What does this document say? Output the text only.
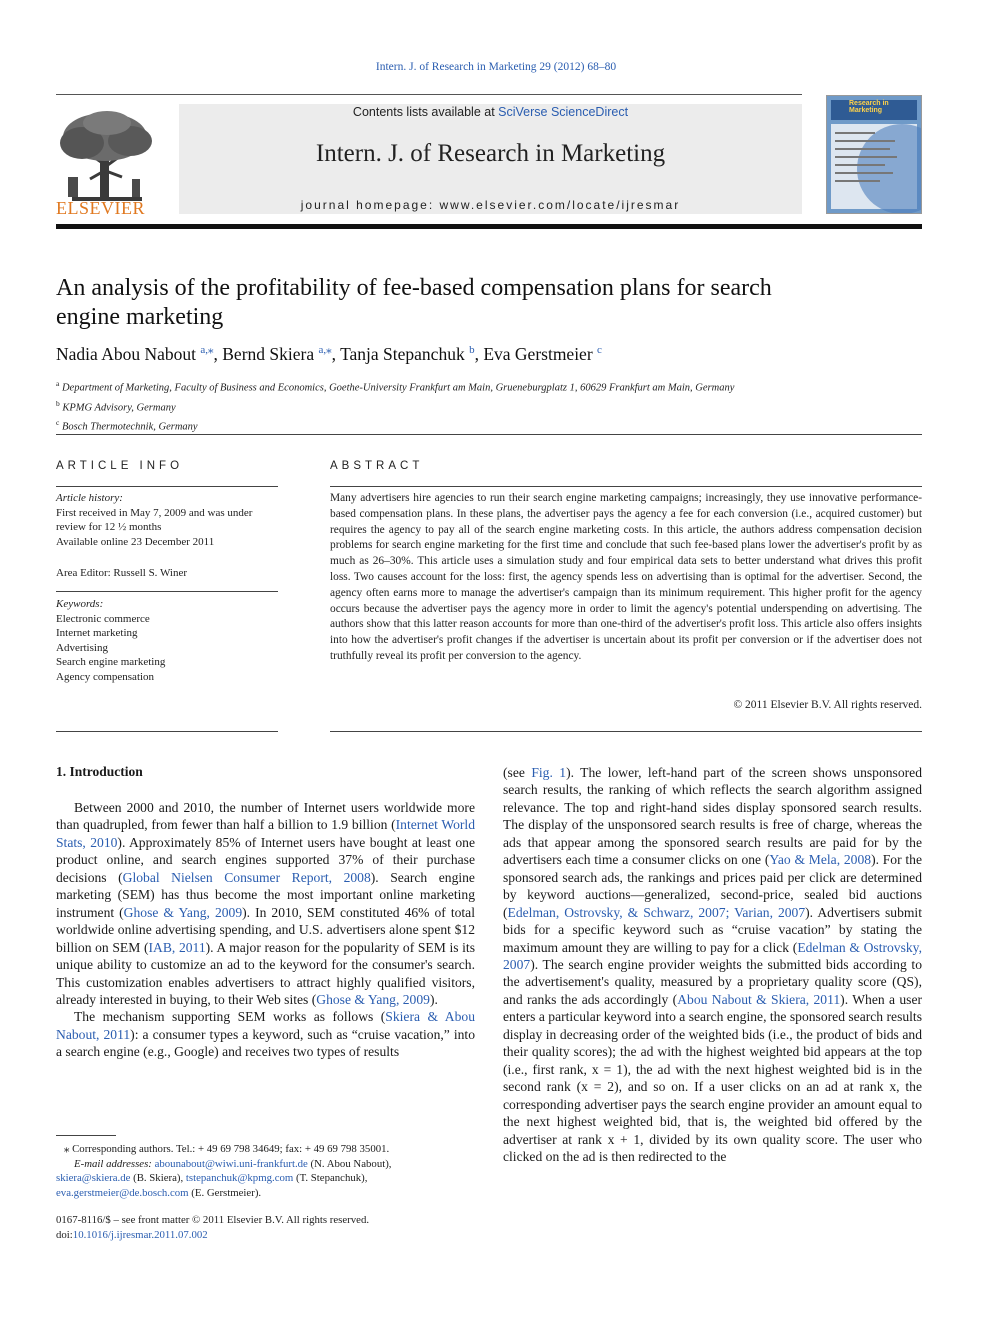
Intern. J. of Research in Marketing 29 (2012) 68–80
ELSEVIER
Contents lists available at SciVerse ScienceDirect
Intern. J. of Research in Marketing
journal homepage: www.elsevier.com/locate/ijresmar
Research in Marketing
An analysis of the profitability of fee-based compensation plans for search
engine marketing
Nadia Abou Nabout $^{a,⁎}$, Bernd Skiera $^{a,⁎}$, Tanja Stepanchuk $^b$, Eva Gerstmeier $^c$
$^a$ Department of Marketing, Faculty of Business and Economics, Goethe-University Frankfurt am Main, Grueneburgplatz 1, 60629 Frankfurt am Main, Germany
$^b$ KPMG Advisory, Germany
$^c$ Bosch Thermotechnik, Germany
ARTICLE INFO
Article history:
First received in May 7, 2009 and was under
review for 12 ½ months
Available online 23 December 2011
Area Editor: Russell S. Winer
Keywords:
Electronic commerce
Internet marketing
Advertising
Search engine marketing
Agency compensation
ABSTRACT
Many advertisers hire agencies to run their search engine marketing campaigns; increasingly, they use innovative performance-based compensation plans. In these plans, the advertiser pays the agency a fee for each conversion (i.e., acquired customer) but requires the agency to pay all of the search engine marketing costs. In this article, the authors address compensation decision problems for search engine marketing for the first time and conclude that such fee-based plans lower the advertiser's profit by as much as 26–30%. This article uses a simulation study and four empirical data sets to better understand what drives this profit loss. Two causes account for the loss: first, the agency spends less on advertising than is optimal for the advertiser. Second, the agency often earns more to manage the advertiser's campaign than its minimum requirement. This higher profit for the agency occurs because the advertiser pays the agency more in order to limit the agency's potential underspending on advertising. The authors show that this latter reason accounts for more than one-third of the advertiser's profit loss. This article also offers insights into how the advertiser's profit changes if the advertiser is uncertain about its profit per conversion or if the advertiser does not truthfully reveal its profit per conversion to the agency.
© 2011 Elsevier B.V. All rights reserved.
1. Introduction

Between 2000 and 2010, the number of Internet users worldwide more than quadrupled, from fewer than half a billion to 1.9 billion (Internet World Stats, 2010). Approximately 85% of Internet users have bought at least one product online, and search engines supported 37% of their purchase decisions (Global Nielsen Consumer Report, 2008). Search engine marketing (SEM) has thus become the most important online marketing instrument (Ghose & Yang, 2009). In 2010, SEM constituted 46% of total worldwide online advertising spending, and U.S. advertisers alone spent $12 billion on SEM (IAB, 2011). A major reason for the popularity of SEM is its unique ability to customize an ad to the keyword for the consumer's search. This customization enables advertisers to attract highly qualified visitors, already interested in buying, to their Web sites (Ghose & Yang, 2009).

The mechanism supporting SEM works as follows (Skiera & Abou Nabout, 2011): a consumer types a keyword, such as “cruise vacation,” into a search engine (e.g., Google) and receives two types of results

(see Fig. 1). The lower, left-hand part of the screen shows unsponsored search results, the ranking of which reflects the search algorithm assigned relevance. The top and right-hand sides display sponsored search results. The display of the unsponsored search results is free of charge, whereas the ads that appear among the sponsored search results are paid for by the advertisers each time a consumer clicks on one (Yao & Mela, 2008). For the sponsored search ads, the rankings and prices paid per click are determined by keyword auctions—generalized, second-price, sealed bid auctions (Edelman, Ostrovsky, & Schwarz, 2007; Varian, 2007). Advertisers submit bids for a specific keyword such as “cruise vacation” by stating the maximum amount they are willing to pay for a click (Edelman & Ostrovsky, 2007). The search engine provider weights the submitted bids according to the advertisement's quality, measured by a proprietary quality score (QS), and ranks the ads accordingly (Abou Nabout & Skiera, 2011). When a user enters a particular keyword into a search engine, the sponsored search results display in decreasing order of the weighted bids (i.e., the product of bids and their quality scores); the ad with the highest weighted bid appears at the top (i.e., first rank, x = 1), the ad with the next highest weighted bid is in the second rank (x = 2), and so on. If a user clicks on an ad at rank x, the corresponding advertiser pays the search engine provider an amount equal to the next highest weighted bid, that is, the weighted bid offered by the advertiser at rank x + 1, divided by its own quality score. The user who clicked on the ad is then redirected to the

⁎ Corresponding authors. Tel.: + 49 69 798 34649; fax: + 49 69 798 35001.
E-mail addresses: abounabout@wiwi.uni-frankfurt.de (N. Abou Nabout),
skiera@skiera.de (B. Skiera), tstepanchuk@kpmg.com (T. Stepanchuk),
eva.gerstmeier@de.bosch.com (E. Gerstmeier).
0167-8116/$ – see front matter © 2011 Elsevier B.V. All rights reserved.
doi:10.1016/j.ijresmar.2011.07.002
